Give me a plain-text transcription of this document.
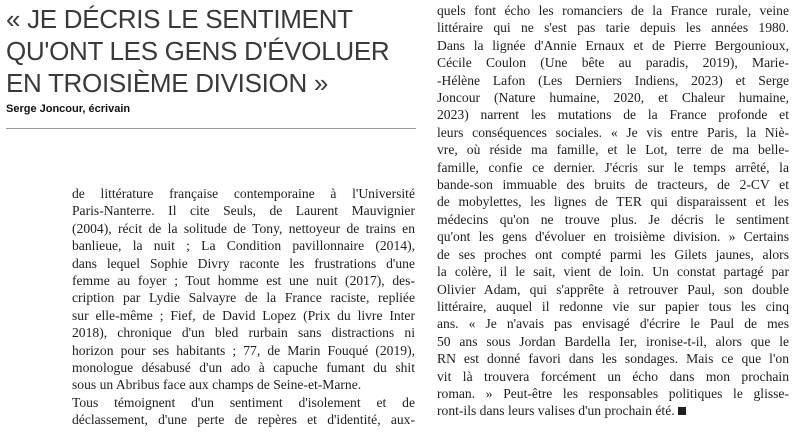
« JE DÉCRIS LE SENTIMENT
QU'ONT LES GENS D'ÉVOLUER
EN TROISIÈME DIVISION »
Serge Joncour, écrivain

de littérature française contemporaine à l'Université
Paris-Nanterre. Il cite Seuls, de Laurent Mauvignier
(2004), récit de la solitude de Tony, nettoyeur de trains en
banlieue, la nuit ; La Condition pavillonnaire (2014),
dans lequel Sophie Divry raconte les frustrations d'une
femme au foyer ; Tout homme est une nuit (2017), des-
cription par Lydie Salvayre de la France raciste, repliée
sur elle-même ; Fief, de David Lopez (Prix du livre Inter
2018), chronique d'un bled rurbain sans distractions ni
horizon pour ses habitants ; 77, de Marin Fouqué (2019),
monologue désabusé d'un ado à capuche fumant du shit
sous un Abribus face aux champs de Seine-et-Marne.

Tous témoignent d'un sentiment d'isolement et de
déclassement, d'une perte de repères et d'identité, aux-

quels font écho les romanciers de la France rurale, veine
littéraire qui ne s'est pas tarie depuis les années 1980.
Dans la lignée d'Annie Ernaux et de Pierre Bergounioux,
Cécile Coulon (Une bête au paradis, 2019), Marie-
-Hélène Lafon (Les Derniers Indiens, 2023) et Serge
Joncour (Nature humaine, 2020, et Chaleur humaine,
2023) narrent les mutations de la France profonde et
leurs conséquences sociales. « Je vis entre Paris, la Niè-
vre, où réside ma famille, et le Lot, terre de ma belle-
famille, confie ce dernier. J'écris sur le temps arrêté, la
bande-son immuable des bruits de tracteurs, de 2-CV et
de mobylettes, les lignes de TER qui disparaissent et les
médecins qu'on ne trouve plus. Je décris le sentiment
qu'ont les gens d'évoluer en troisième division. » Certains
de ses proches ont compté parmi les Gilets jaunes, alors
la colère, il le sait, vient de loin. Un constat partagé par
Olivier Adam, qui s'apprête à retrouver Paul, son double
littéraire, auquel il redonne vie sur papier tous les cinq
ans. « Je n'avais pas envisagé d'écrire le Paul de mes
50 ans sous Jordan Bardella Ier, ironise-t-il, alors que le
RN est donné favori dans les sondages. Mais ce que l'on
vit là trouvera forcément un écho dans mon prochain
roman. » Peut-être les responsables politiques le glisse-
ront-ils dans leurs valises d'un prochain été.
